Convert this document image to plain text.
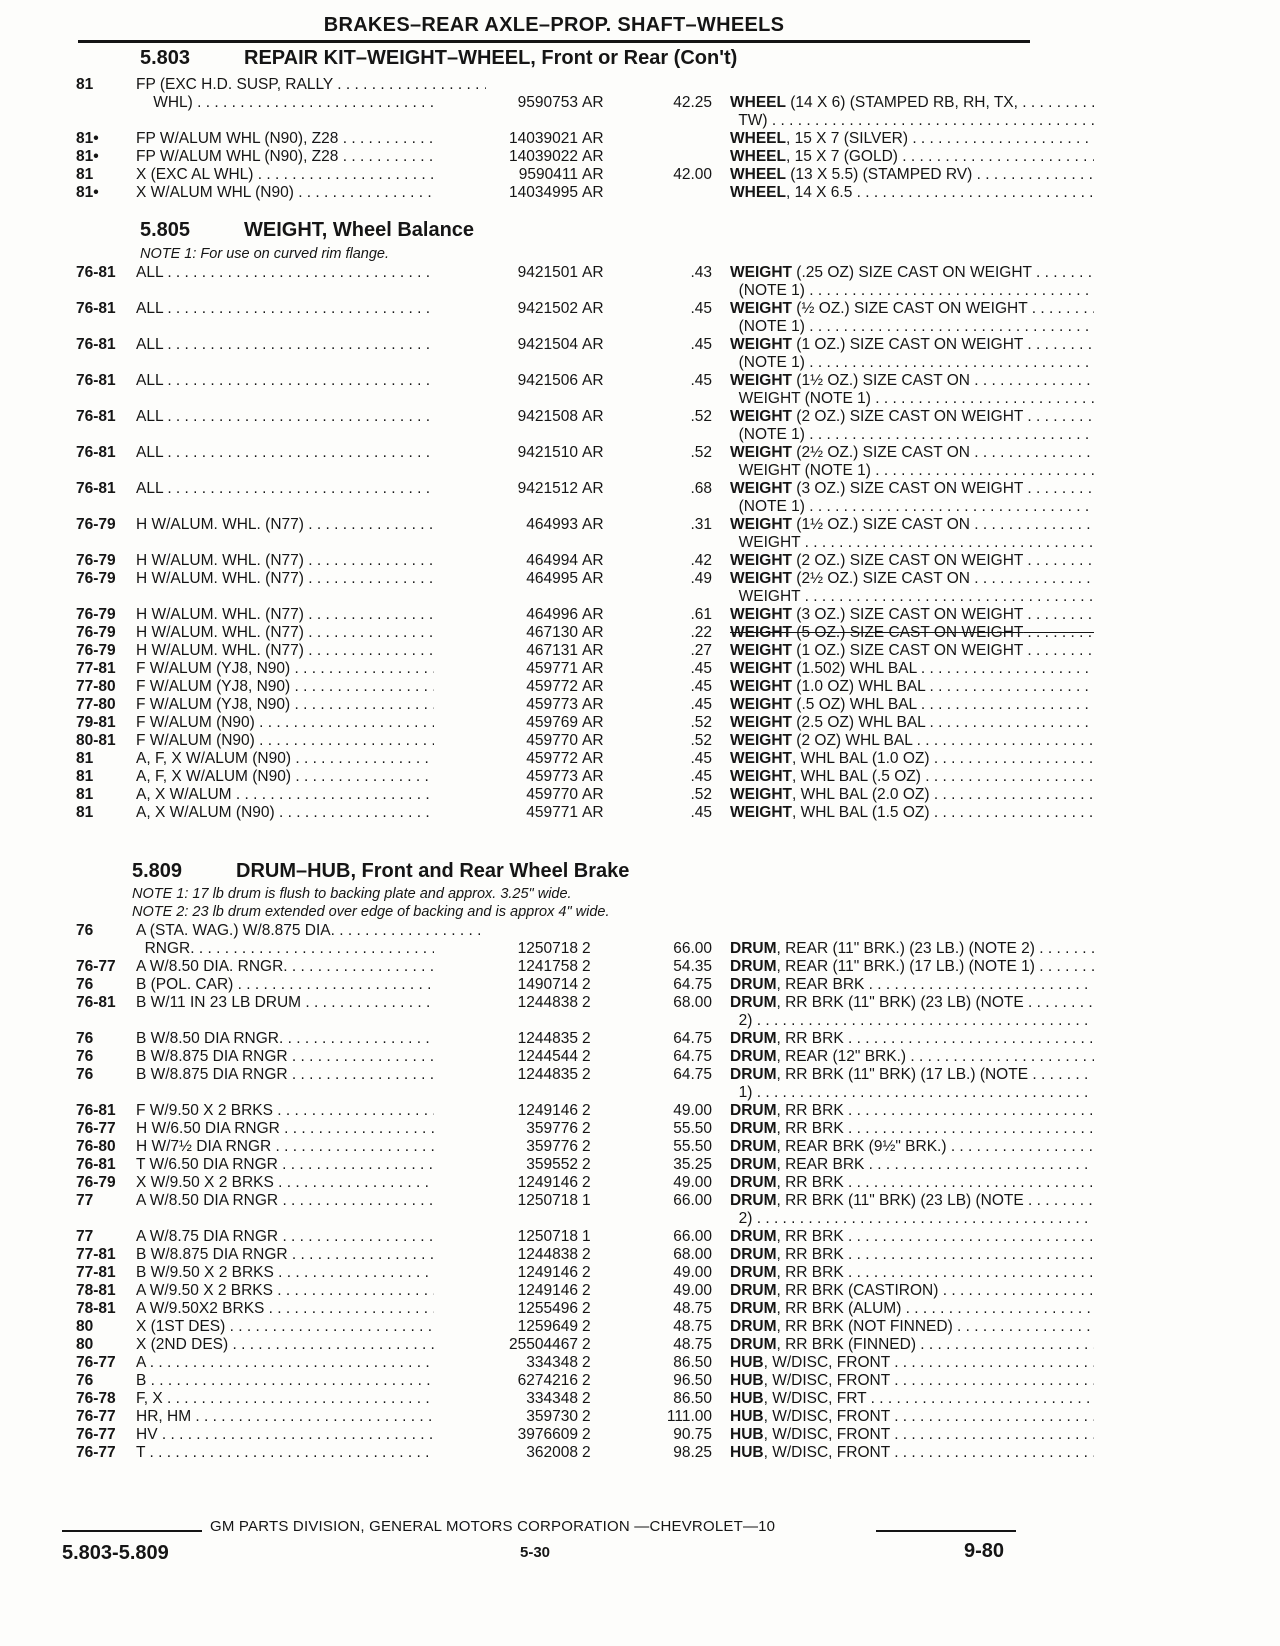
BRAKES–REAR AXLE–PROP. SHAFT–WHEELS
5.803	REPAIR KIT–WEIGHT–WHEEL, Front or Rear (Con't)
81	FP (EXC H.D. SUSP, RALLY . . .
WHL) . . .	9590753 AR	42.25 WHEEL (14 X 6) (STAMPED RB, RH, TX, . . .
TW) . . .
81• FP W/ALUM WHL (N90), Z28 . . .	14039021 AR	WHEEL, 15 X 7 (SILVER) . . .
81• FP W/ALUM WHL (N90), Z28 . . .	14039022 AR	WHEEL, 15 X 7 (GOLD) . . .
81	X (EXC AL WHL) . . .	9590411 AR	42.00 WHEEL (13 X 5.5) (STAMPED RV) . . .
81• X W/ALUM WHL (N90) . . .	14034995 AR	WHEEL, 14 X 6.5 . . .
5.805	WEIGHT, Wheel Balance
NOTE 1: For use on curved rim flange.
76-81 ALL . . .	9421501 AR	.43 WEIGHT (.25 OZ) SIZE CAST ON WEIGHT . . .
(NOTE 1) . . .
76-81 ALL . . .	9421502 AR	.45 WEIGHT (½ OZ.) SIZE CAST ON WEIGHT . . .
(NOTE 1) . . .
76-81 ALL . . .	9421504 AR	.45 WEIGHT (1 OZ.) SIZE CAST ON WEIGHT . . .
(NOTE 1) . . .
76-81 ALL . . .	9421506 AR	.45 WEIGHT (1½ OZ.) SIZE CAST ON . . .
WEIGHT (NOTE 1) . . .
76-81 ALL . . .	9421508 AR	.52 WEIGHT (2 OZ.) SIZE CAST ON WEIGHT . . .
(NOTE 1) . . .
76-81 ALL . . .	9421510 AR	.52 WEIGHT (2½ OZ.) SIZE CAST ON . . .
WEIGHT (NOTE 1) . . .
76-81 ALL . . .	9421512 AR	.68 WEIGHT (3 OZ.) SIZE CAST ON WEIGHT . . .
(NOTE 1) . . .
76-79 H W/ALUM. WHL. (N77) . . .	464993 AR	.31 WEIGHT (1½ OZ.) SIZE CAST ON . . .
WEIGHT . . .
76-79 H W/ALUM. WHL. (N77) . . .	464994 AR	.42 WEIGHT (2 OZ.) SIZE CAST ON WEIGHT . . .
76-79 H W/ALUM. WHL. (N77) . . .	464995 AR	.49 WEIGHT (2½ OZ.) SIZE CAST ON . . .
WEIGHT . . .
76-79 H W/ALUM. WHL. (N77) . . .	464996 AR	.61 WEIGHT (3 OZ.) SIZE CAST ON WEIGHT . . .
76-79 H W/ALUM. WHL. (N77) . . .	467130 AR	.22 WEIGHT (5 OZ.) SIZE CAST ON WEIGHT . . .
76-79 H W/ALUM. WHL. (N77) . . .	467131 AR	.27 WEIGHT (1 OZ.) SIZE CAST ON WEIGHT . . .
77-81 F W/ALUM (YJ8, N90) . . .	459771 AR	.45 WEIGHT (1.502) WHL BAL . . .
77-80 F W/ALUM (YJ8, N90) . . .	459772 AR	.45 WEIGHT (1.0 OZ) WHL BAL . . .
77-80 F W/ALUM (YJ8, N90) . . .	459773 AR	.45 WEIGHT (.5 OZ) WHL BAL . . .
79-81 F W/ALUM (N90) . . .	459769 AR	.52 WEIGHT (2.5 OZ) WHL BAL . . .
80-81 F W/ALUM (N90) . . .	459770 AR	.52 WEIGHT (2 OZ) WHL BAL . . .
81	A, F, X W/ALUM (N90) . . .	459772 AR	.45 WEIGHT, WHL BAL (1.0 OZ) . . .
81	A, F, X W/ALUM (N90) . . .	459773 AR	.45 WEIGHT, WHL BAL (.5 OZ) . . .
81	A, X W/ALUM . . .	459770 AR	.52 WEIGHT, WHL BAL (2.0 OZ) . . .
81	A, X W/ALUM (N90) . . .	459771 AR	.45 WEIGHT, WHL BAL (1.5 OZ) . . .
5.809	DRUM–HUB, Front and Rear Wheel Brake
NOTE 1: 17 lb drum is flush to backing plate and approx. 3.25" wide.
NOTE 2: 23 lb drum extended over edge of backing and is approx 4" wide.
76	A (STA. WAG.) W/8.875 DIA. . . .
RNGR. . . .	1250718 2	66.00 DRUM, REAR (11" BRK.) (23 LB.) (NOTE 2) . . .
76-77 A W/8.50 DIA. RNGR. . . .	1241758 2	54.35 DRUM, REAR (11" BRK.) (17 LB.) (NOTE 1) . . .
76	B (POL. CAR) . . .	1490714 2	64.75 DRUM, REAR BRK . . .
76-81 B W/11 IN 23 LB DRUM . . .	1244838 2	68.00 DRUM, RR BRK (11" BRK) (23 LB) (NOTE . . .
2) . . .
76	B W/8.50 DIA RNGR. . . .	1244835 2	64.75 DRUM, RR BRK . . .
76	B W/8.875 DIA RNGR . . .	1244544 2	64.75 DRUM, REAR (12" BRK.) . . .
76	B W/8.875 DIA RNGR . . .	1244835 2	64.75 DRUM, RR BRK (11" BRK) (17 LB.) (NOTE . . .
1) . . .
76-81 F W/9.50 X 2 BRKS . . .	1249146 2	49.00 DRUM, RR BRK . . .
76-77 H W/6.50 DIA RNGR . . .	359776 2	55.50 DRUM, RR BRK . . .
76-80 H W/7½ DIA RNGR . . .	359776 2	55.50 DRUM, REAR BRK (9½" BRK.) . . .
76-81 T W/6.50 DIA RNGR . . .	359552 2	35.25 DRUM, REAR BRK . . .
76-79 X W/9.50 X 2 BRKS . . .	1249146 2	49.00 DRUM, RR BRK . . .
77	A W/8.50 DIA RNGR . . .	1250718 1	66.00 DRUM, RR BRK (11" BRK) (23 LB) (NOTE . . .
2) . . .
77	A W/8.75 DIA RNGR . . .	1250718 1	66.00 DRUM, RR BRK . . .
77-81 B W/8.875 DIA RNGR . . .	1244838 2	68.00 DRUM, RR BRK . . .
77-81 B W/9.50 X 2 BRKS . . .	1249146 2	49.00 DRUM, RR BRK . . .
78-81 A W/9.50 X 2 BRKS . . .	1249146 2	49.00 DRUM, RR BRK (CASTIRON) . . .
78-81 A W/9.50X2 BRKS . . .	1255496 2	48.75 DRUM, RR BRK (ALUM) . . .
80	X (1ST DES) . . .	1259649 2	48.75 DRUM, RR BRK (NOT FINNED) . . .
80	X (2ND DES) . . .	25504467 2	48.75 DRUM, RR BRK (FINNED) . . .
76-77 A . . .	334348 2	86.50 HUB, W/DISC, FRONT . . .
76	B . . .	6274216 2	96.50 HUB, W/DISC, FRONT . . .
76-78 F, X . . .	334348 2	86.50 HUB, W/DISC, FRT . . .
76-77 HR, HM . . .	359730 2	111.00 HUB, W/DISC, FRONT . . .
76-77 HV . . .	3976609 2	90.75 HUB, W/DISC, FRONT . . .
76-77 T . . .	362008 2	98.25 HUB, W/DISC, FRONT . . .
GM PARTS DIVISION, GENERAL MOTORS CORPORATION —CHEVROLET—10
5.803-5.809	5-30	9-80
